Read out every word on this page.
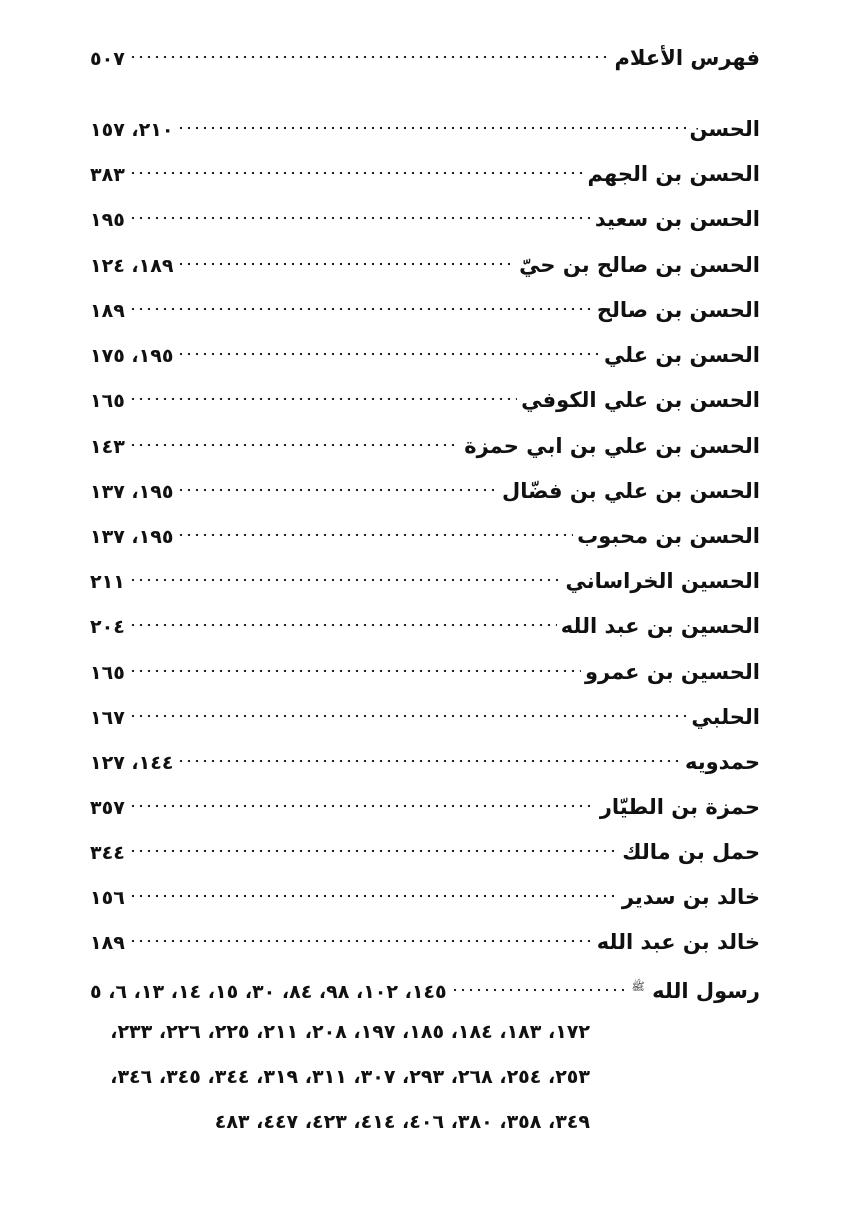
فهرس الأعلام
٥٠٧
الحسن
٢١٠، ١٥٧
الحسن بن الجهم
٣٨٣
الحسن بن سعيد
١٩٥
الحسن بن صالح بن حيّ
١٨٩، ١٢٤
الحسن بن صالح
١٨٩
الحسن بن علي
١٩٥، ١٧٥
الحسن بن علي الكوفي
١٦٥
الحسن بن علي بن ابي حمزة
١٤٣
الحسن بن علي بن فضّال
١٩٥، ١٣٧
الحسن بن محبوب
١٩٥، ١٣٧
الحسين الخراساني
٢١١
الحسين بن عبد الله
٢٠٤
الحسين بن عمرو
١٦٥
الحلبي
١٦٧
حمدويه
١٤٤، ١٢٧
حمزة بن الطيّار
٣٥٧
حمل بن مالك
٣٤٤
خالد بن سدير
١٥٦
خالد بن عبد الله
١٨٩
رسول الله $^ﷺ$
١٤٥، ١٠٢، ٩٨، ٨٤، ٣٠، ١٥، ١٤، ١٣، ٦، ٥
١٧٢، ١٨٣، ١٨٤، ١٨٥، ١٩٧، ٢٠٨، ٢١١، ٢٢٥، ٢٢٦، ٢٣٣،
٢٥٣، ٢٥٤، ٢٦٨، ٢٩٣، ٣٠٧، ٣١١، ٣١٩، ٣٤٤، ٣٤٥، ٣٤٦،
٣٤٩، ٣٥٨، ٣٨٠، ٤٠٦، ٤١٤، ٤٢٣، ٤٤٧، ٤٨٣
